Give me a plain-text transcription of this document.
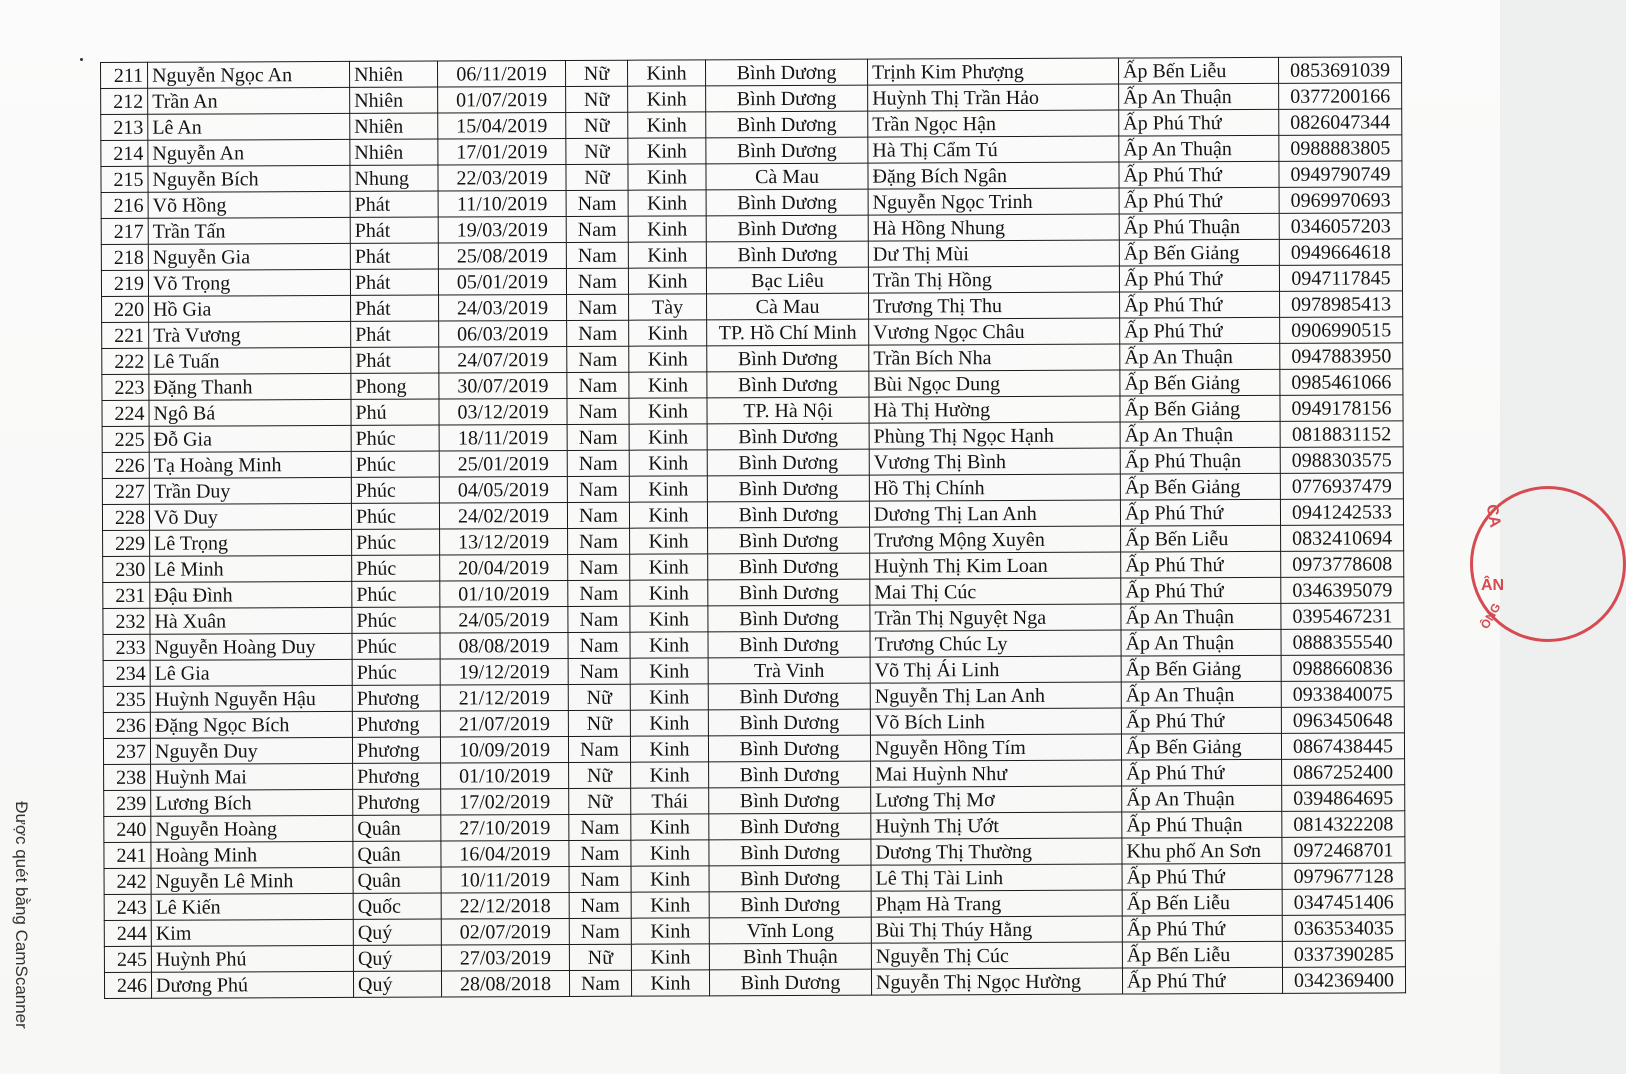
211	Nguyễn Ngọc An	Nhiên	06/11/2019	Nữ	Kinh	Bình Dương	Trịnh Kim Phượng	Ấp Bến Liễu	0853691039
212	Trần An	Nhiên	01/07/2019	Nữ	Kinh	Bình Dương	Huỳnh Thị Trần Hảo	Ấp An Thuận	0377200166
213	Lê An	Nhiên	15/04/2019	Nữ	Kinh	Bình Dương	Trần Ngọc Hận	Ấp Phú Thứ	0826047344
214	Nguyễn An	Nhiên	17/01/2019	Nữ	Kinh	Bình Dương	Hà Thị Cẩm Tú	Ấp An Thuận	0988883805
215	Nguyễn Bích	Nhung	22/03/2019	Nữ	Kinh	Cà Mau	Đặng Bích Ngân	Ấp Phú Thứ	0949790749
216	Võ Hồng	Phát	11/10/2019	Nam	Kinh	Bình Dương	Nguyễn Ngọc Trinh	Ấp Phú Thứ	0969970693
217	Trần Tấn	Phát	19/03/2019	Nam	Kinh	Bình Dương	Hà Hồng Nhung	Ấp Phú Thuận	0346057203
218	Nguyễn Gia	Phát	25/08/2019	Nam	Kinh	Bình Dương	Dư Thị Mùi	Ấp Bến Giảng	0949664618
219	Võ Trọng	Phát	05/01/2019	Nam	Kinh	Bạc Liêu	Trần Thị Hồng	Ấp Phú Thứ	0947117845
220	Hồ Gia	Phát	24/03/2019	Nam	Tày	Cà Mau	Trương Thị Thu	Ấp Phú Thứ	0978985413
221	Trà Vương	Phát	06/03/2019	Nam	Kinh	TP. Hồ Chí Minh	Vương Ngọc Châu	Ấp Phú Thứ	0906990515
222	Lê Tuấn	Phát	24/07/2019	Nam	Kinh	Bình Dương	Trần Bích Nha	Ấp An Thuận	0947883950
223	Đặng Thanh	Phong	30/07/2019	Nam	Kinh	Bình Dương	Bùi Ngọc Dung	Ấp Bến Giảng	0985461066
224	Ngô Bá	Phú	03/12/2019	Nam	Kinh	TP. Hà Nội	Hà Thị Hường	Ấp Bến Giảng	0949178156
225	Đỗ Gia	Phúc	18/11/2019	Nam	Kinh	Bình Dương	Phùng Thị Ngọc Hạnh	Ấp An Thuận	0818831152
226	Tạ Hoàng Minh	Phúc	25/01/2019	Nam	Kinh	Bình Dương	Vương Thị Bình	Ấp Phú Thuận	0988303575
227	Trần Duy	Phúc	04/05/2019	Nam	Kinh	Bình Dương	Hồ Thị Chính	Ấp Bến Giảng	0776937479
228	Võ Duy	Phúc	24/02/2019	Nam	Kinh	Bình Dương	Dương Thị Lan Anh	Ấp Phú Thứ	0941242533
229	Lê Trọng	Phúc	13/12/2019	Nam	Kinh	Bình Dương	Trương Mộng Xuyên	Ấp Bến Liễu	0832410694
230	Lê Minh	Phúc	20/04/2019	Nam	Kinh	Bình Dương	Huỳnh Thị Kim Loan	Ấp Phú Thứ	0973778608
231	Đậu Đình	Phúc	01/10/2019	Nam	Kinh	Bình Dương	Mai Thị Cúc	Ấp Phú Thứ	0346395079
232	Hà Xuân	Phúc	24/05/2019	Nam	Kinh	Bình Dương	Trần Thị Nguyệt Nga	Ấp An Thuận	0395467231
233	Nguyễn Hoàng Duy	Phúc	08/08/2019	Nam	Kinh	Bình Dương	Trương Chúc Ly	Ấp An Thuận	0888355540
234	Lê Gia	Phúc	19/12/2019	Nam	Kinh	Trà Vinh	Võ Thị Ái Linh	Ấp Bến Giảng	0988660836
235	Huỳnh Nguyễn Hậu	Phương	21/12/2019	Nữ	Kinh	Bình Dương	Nguyễn Thị Lan Anh	Ấp An Thuận	0933840075
236	Đặng Ngọc Bích	Phương	21/07/2019	Nữ	Kinh	Bình Dương	Võ Bích Linh	Ấp Phú Thứ	0963450648
237	Nguyễn Duy	Phương	10/09/2019	Nam	Kinh	Bình Dương	Nguyễn Hồng Tím	Ấp Bến Giảng	0867438445
238	Huỳnh Mai	Phương	01/10/2019	Nữ	Kinh	Bình Dương	Mai Huỳnh Như	Ấp Phú Thứ	0867252400
239	Lương Bích	Phương	17/02/2019	Nữ	Thái	Bình Dương	Lương Thị Mơ	Ấp An Thuận	0394864695
240	Nguyễn Hoàng	Quân	27/10/2019	Nam	Kinh	Bình Dương	Huỳnh Thị Ướt	Ấp Phú Thuận	0814322208
241	Hoàng Minh	Quân	16/04/2019	Nam	Kinh	Bình Dương	Dương Thị Thường	Khu phố An Sơn	0972468701
242	Nguyễn Lê Minh	Quân	10/11/2019	Nam	Kinh	Bình Dương	Lê Thị Tài Linh	Ấp Phú Thứ	0979677128
243	Lê Kiến	Quốc	22/12/2018	Nam	Kinh	Bình Dương	Phạm Hà Trang	Ấp Bến Liễu	0347451406
244	Kim	Quý	02/07/2019	Nam	Kinh	Vĩnh Long	Bùi Thị Thúy Hằng	Ấp Phú Thứ	0363534035
245	Huỳnh Phú	Quý	27/03/2019	Nữ	Kinh	Bình Thuận	Nguyễn Thị Cúc	Ấp Bến Liễu	0337390285
246	Dương Phú	Quý	28/08/2018	Nam	Kinh	Bình Dương	Nguyễn Thị Ngọc Hường	Ấp Phú Thứ	0342369400
Được quét bằng CamScanner
CA
ÂN
ÔNG
